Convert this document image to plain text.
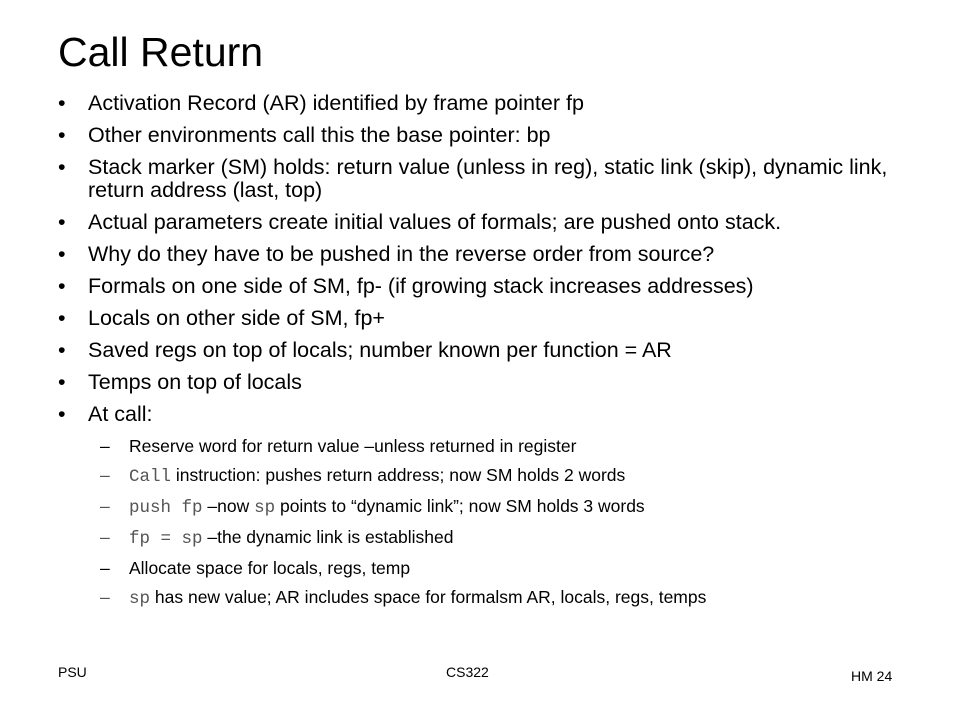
Call Return
• Activation Record (AR) identified by frame pointer fp
• Other environments call this the base pointer: bp
• Stack marker (SM) holds: return value (unless in reg), static link (skip), dynamic link, return address (last, top)
• Actual parameters create initial values of formals; are pushed onto stack.
• Why do they have to be pushed in the reverse order from source?
• Formals on one side of SM, fp- (if growing stack increases addresses)
• Locals on other side of SM, fp+
• Saved regs on top of locals; number known per function = AR
• Temps on top of locals
• At call:
– Reserve word for return value –unless returned in register
– Call instruction: pushes return address; now SM holds 2 words
– push fp –now sp points to “dynamic link”; now SM holds 3 words
– fp = sp –the dynamic link is established
– Allocate space for locals, regs, temp
– sp has new value; AR includes space for formalsm AR, locals, regs, temps
PSU	CS322	HM 24
